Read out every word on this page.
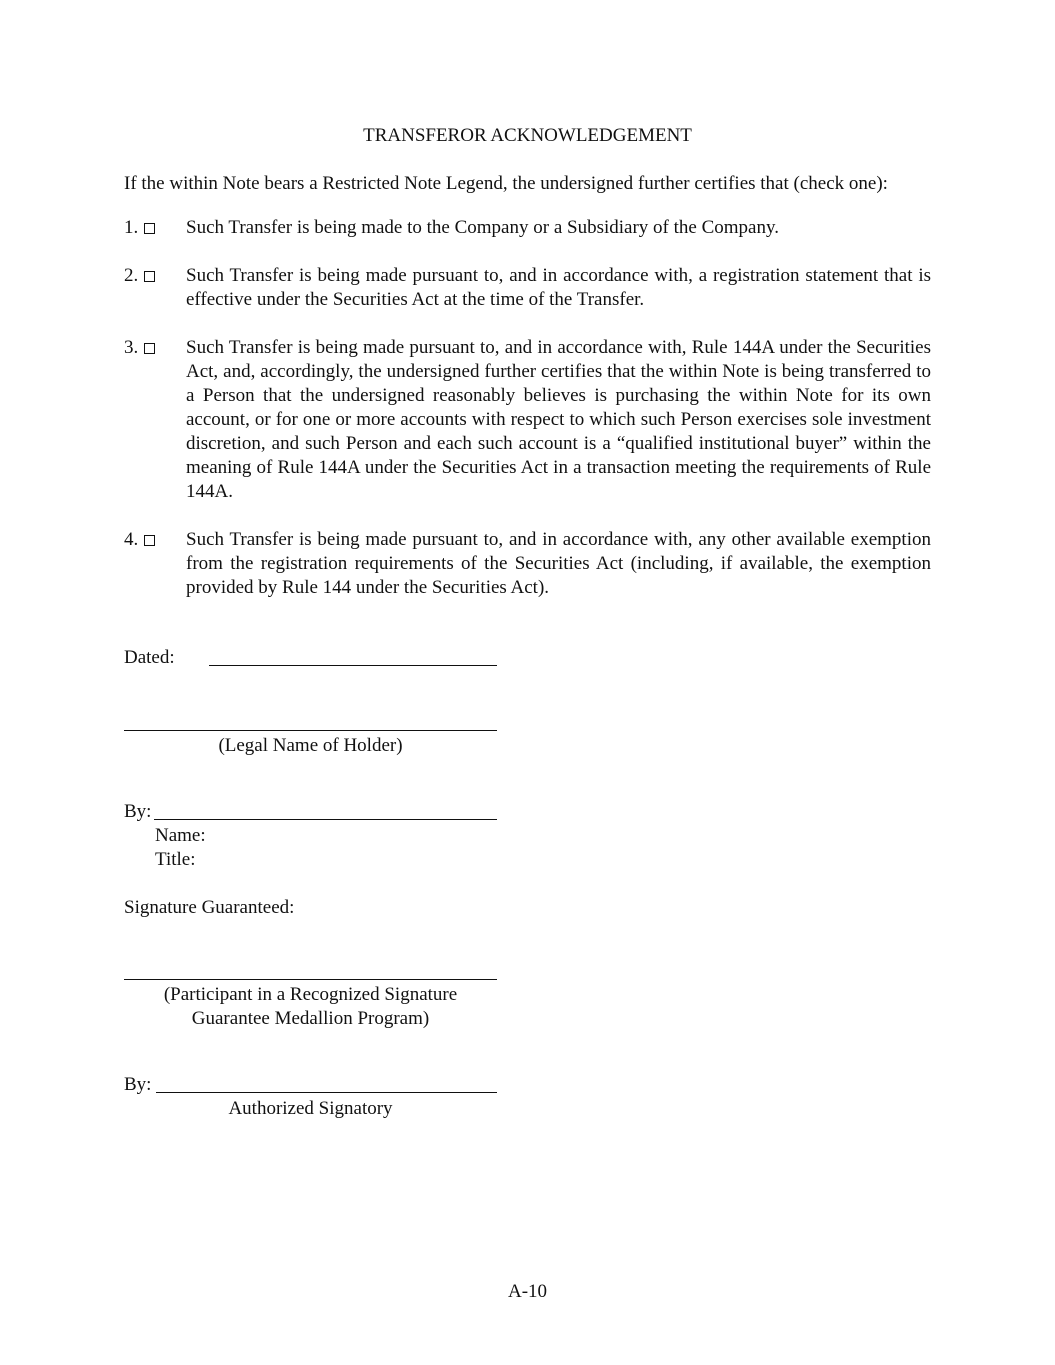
TRANSFEROR ACKNOWLEDGEMENT

If the within Note bears a Restricted Note Legend, the undersigned further certifies that (check one):

1.	Such Transfer is being made to the Company or a Subsidiary of the Company.
2.	Such Transfer is being made pursuant to, and in accordance with, a registration statement that is effective under the Securities Act at the time of the Transfer.
3.	Such Transfer is being made pursuant to, and in accordance with, Rule 144A under the Securities Act, and, accordingly, the undersigned further certifies that the within Note is being transferred to a Person that the undersigned reasonably believes is purchasing the within Note for its own account, or for one or more accounts with respect to which such Person exercises sole investment discretion, and such Person and each such account is a “qualified institutional buyer” within the meaning of Rule 144A under the Securities Act in a transaction meeting the requirements of Rule 144A.
4.	Such Transfer is being made pursuant to, and in accordance with, any other available exemption from the registration requirements of the Securities Act (including, if available, the exemption provided by Rule 144 under the Securities Act).
Dated:
(Legal Name of Holder)
By:
Name:
Title:
Signature Guaranteed:
(Participant in a Recognized Signature
Guarantee Medallion Program)
By:
Authorized Signatory
A-10
